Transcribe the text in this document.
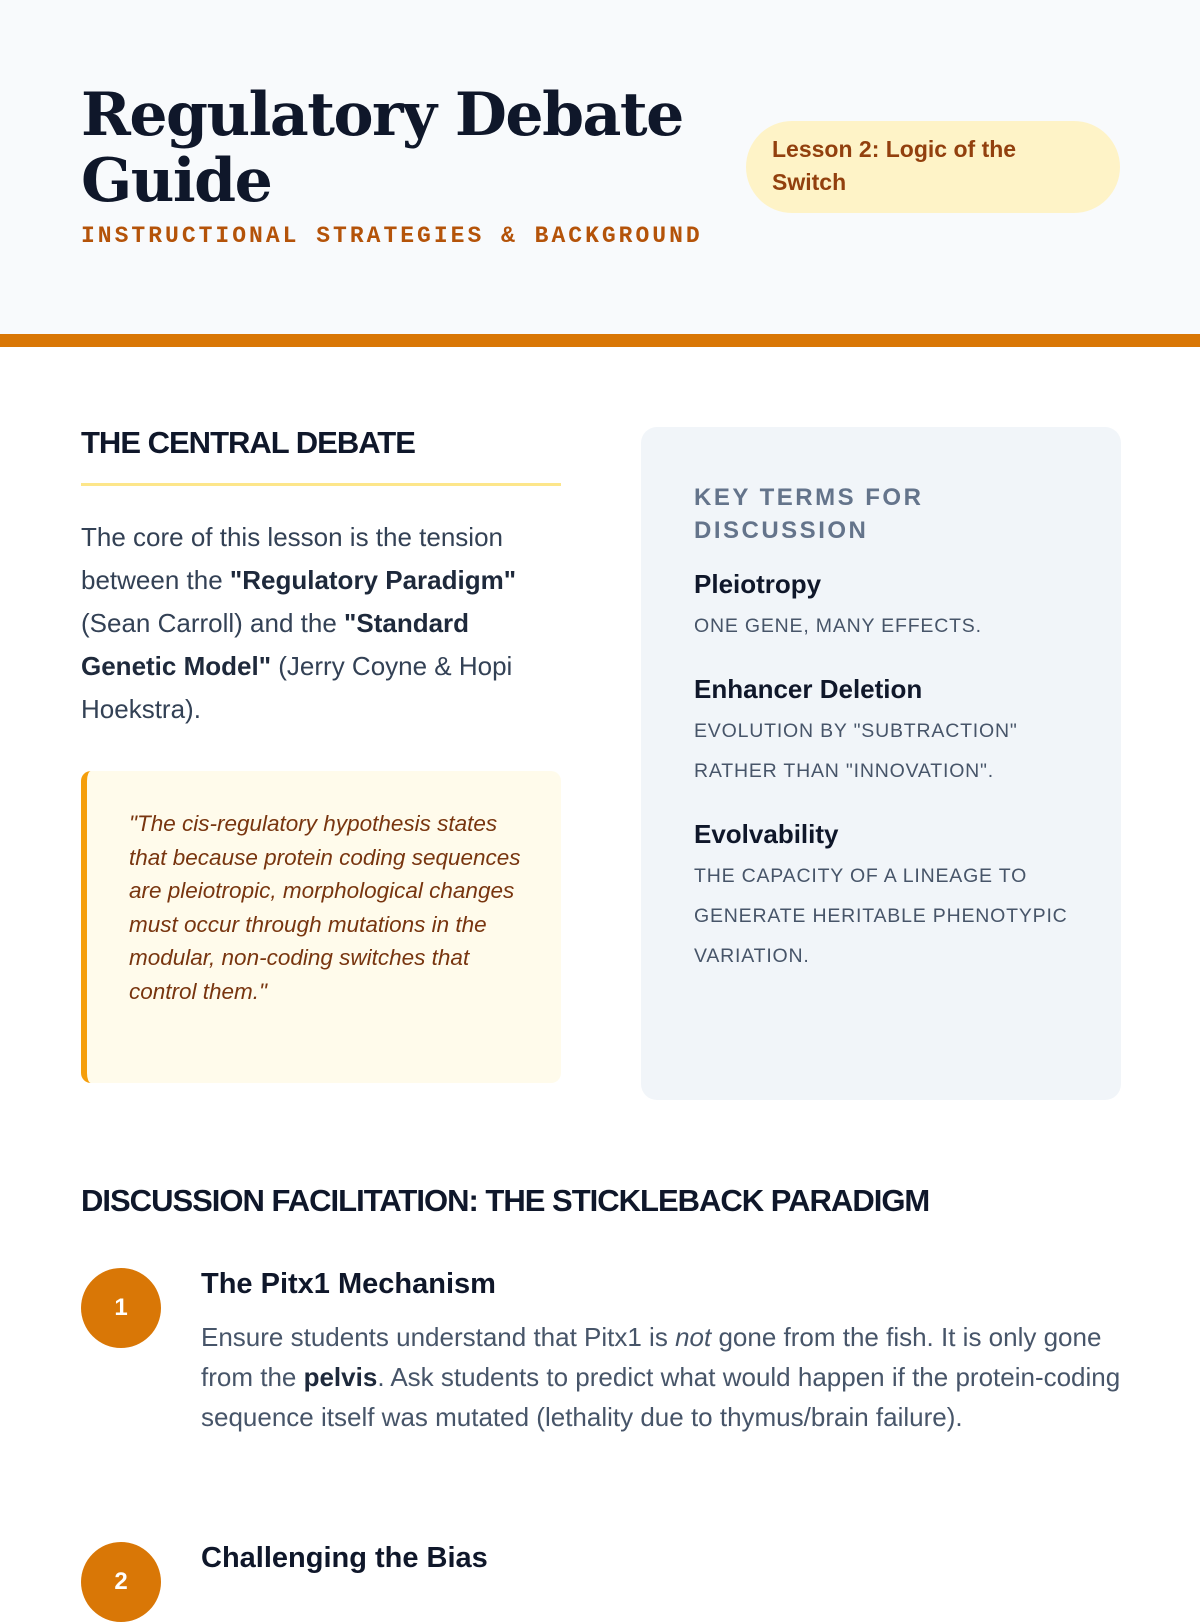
Regulatory Debate Guide
INSTRUCTIONAL STRATEGIES & BACKGROUND
Lesson 2: Logic of the Switch
THE CENTRAL DEBATE

The core of this lesson is the tension between the "Regulatory Paradigm" (Sean Carroll) and the "Standard Genetic Model" (Jerry Coyne & Hopi Hoekstra).

"The cis-regulatory hypothesis states that because protein coding sequences are pleiotropic, morphological changes must occur through mutations in the modular, non-coding switches that control them."
KEY TERMS FOR DISCUSSION
Pleiotropy
ONE GENE, MANY EFFECTS.
Enhancer Deletion
EVOLUTION BY "SUBTRACTION" RATHER THAN "INNOVATION".
Evolvability
THE CAPACITY OF A LINEAGE TO GENERATE HERITABLE PHENOTYPIC VARIATION.
DISCUSSION FACILITATION: THE STICKLEBACK PARADIGM
1
The Pitx1 Mechanism

Ensure students understand that Pitx1 is not gone from the fish. It is only gone from the pelvis. Ask students to predict what would happen if the protein-coding sequence itself was mutated (lethality due to thymus/brain failure).

2
Challenging the Bias
